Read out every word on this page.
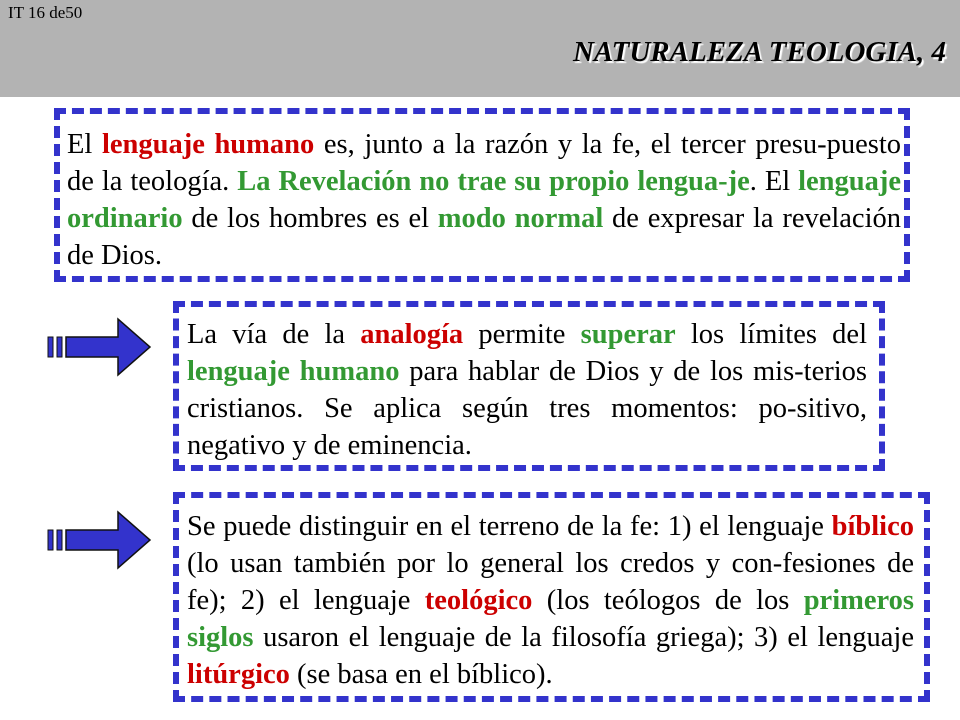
IT 16 de50
NATURALEZA TEOLOGIA, 4

El lenguaje humano es, junto a la razón y la fe, el tercer presu-puesto de la teología. La Revelación no trae su propio lengua-je. El lenguaje ordinario de los hombres es el modo normal de expresar la revelación de Dios.

La vía de la analogía permite superar los límites del lenguaje humano para hablar de Dios y de los mis-terios cristianos. Se aplica según tres momentos: po-sitivo, negativo y de eminencia.

Se puede distinguir en el terreno de la fe: 1) el lenguaje bíblico (lo usan también por lo general los credos y con-fesiones de fe); 2) el lenguaje teológico (los teólogos de los primeros siglos usaron el lenguaje de la filosofía griega); 3) el lenguaje litúrgico (se basa en el bíblico).
